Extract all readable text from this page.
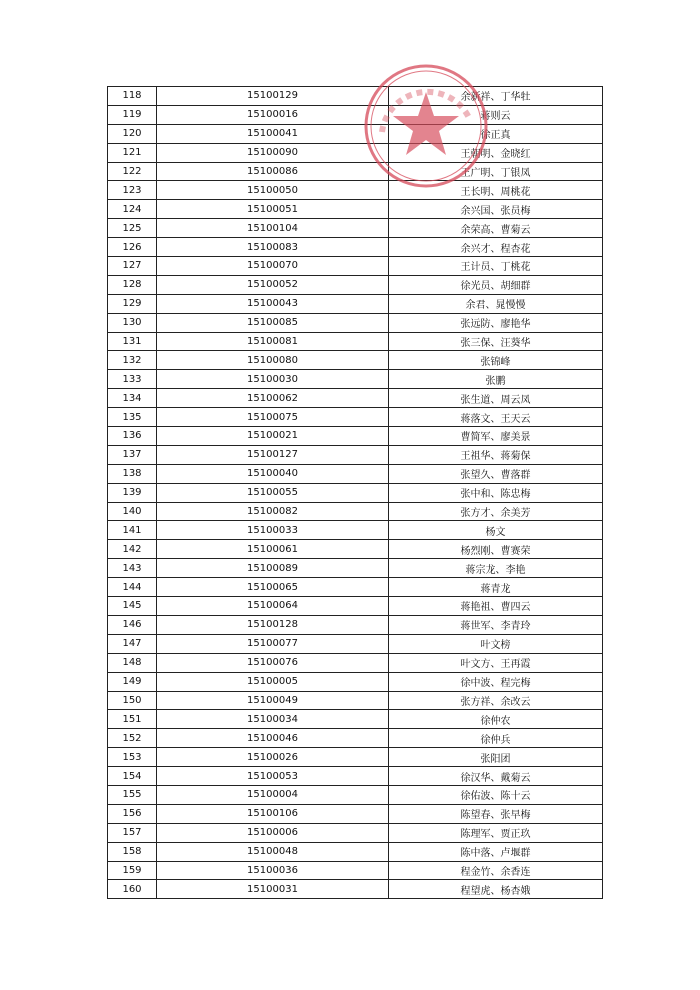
118	15100129	余新祥、丁华牡
119	15100016	蒋则云
120	15100041	徐正真
121	15100090	王朝明、金晓红
122	15100086	王广明、丁银凤
123	15100050	王长明、周桃花
124	15100051	余兴国、张员梅
125	15100104	余荣高、曹菊云
126	15100083	余兴才、程杏花
127	15100070	王计员、丁桃花
128	15100052	徐光员、胡细群
129	15100043	余君、晁慢慢
130	15100085	张远防、廖艳华
131	15100081	张三保、汪葵华
132	15100080	张锦峰
133	15100030	张鹏
134	15100062	张生道、周云凤
135	15100075	蒋落文、王天云
136	15100021	曹简军、廖美景
137	15100127	王祖华、蒋菊保
138	15100040	张望久、曹落群
139	15100055	张中和、陈忠梅
140	15100082	张方才、余美芳
141	15100033	杨文
142	15100061	杨烈刚、曹赛荣
143	15100089	蒋宗龙、李艳
144	15100065	蒋青龙
145	15100064	蒋艳祖、曹四云
146	15100128	蒋世军、李青玲
147	15100077	叶文榜
148	15100076	叶文方、王再霞
149	15100005	徐中波、程完梅
150	15100049	张方祥、余改云
151	15100034	徐仲农
152	15100046	徐仲兵
153	15100026	张阳团
154	15100053	徐汉华、戴菊云
155	15100004	徐佑波、陈十云
156	15100106	陈望春、张早梅
157	15100006	陈理军、贾正玖
158	15100048	陈中落、卢堰群
159	15100036	程金竹、余香连
160	15100031	程望虎、杨杏娥
